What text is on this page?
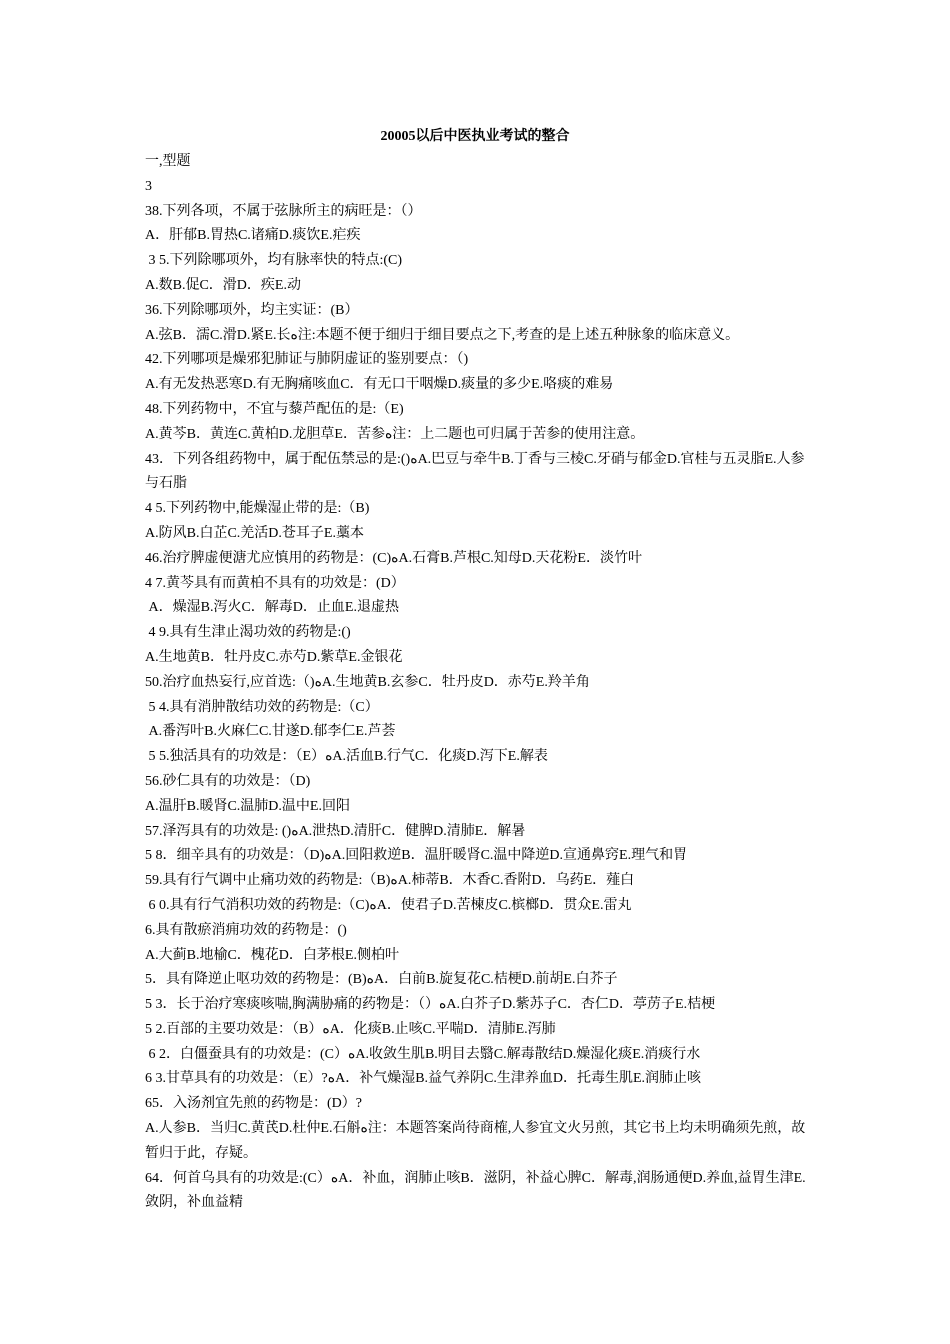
20005以后中医执业考试的整合

一,型题

3

38.下列各项，不属于弦脉所主的病旺是：（）

A．肝郁B.胃热C.诸痛D.痰饮E.疟疾

3 5.下列除哪项外，均有脉率快的特点:(C)

A.数B.促C．滑D．疾E.动

36.下列除哪项外，均主实证：(B）

A.弦B．濡C.滑D.紧E.长ﻩ注:本题不便于细归于细目要点之下,考查的是上述五种脉象的临床意义。

42.下列哪项是燥邪犯肺证与肺阴虚证的鉴别要点：（)

A.有无发热恶寒D.有无胸痛咳血C．有无口干咽燥D.痰量的多少E.咯痰的难易

48.下列药物中，不宜与藜芦配伍的是:（E)

A.黄芩B．黄连C.黄柏D.龙胆草E．苦参ﻩ注：上二题也可归属于苦参的使用注意。

43．下列各组药物中，属于配伍禁忌的是:()ﻩA.巴豆与牵牛B.丁香与三棱C.牙硝与郁金D.官桂与五灵脂E.人参与石脂

4 5.下列药物中,能燥湿止带的是:（B)

A.防风B.白芷C.羌活D.苍耳子E.藁本

46.治疗脾虚便溏尤应慎用的药物是：(C)ﻩA.石膏B.芦根C.知母D.天花粉E．淡竹叶

4 7.黄芩具有而黄柏不具有的功效是：(D）

A．燥湿B.泻火C．解毒D．止血E.退虚热

4 9.具有生津止渴功效的药物是:()

A.生地黄B．牡丹皮C.赤芍D.紫草E.金银花

50.治疗血热妄行,应首选:（)ﻩA.生地黄B.玄参C．牡丹皮D．赤芍E.羚羊角

5 4.具有消肿散结功效的药物是:（C）

A.番泻叶B.火麻仁C.甘遂D.郁李仁E.芦荟

5 5.独活具有的功效是：（E）ﻩA.活血B.行气C．化痰D.泻下E.解表

56.砂仁具有的功效是：（D)

A.温肝B.暖肾C.温肺D.温中E.回阳

57.泽泻具有的功效是: ()ﻩA.泄热D.清肝C．健脾D.清肺E．解暑

5 8．细辛具有的功效是：（D)ﻩA.回阳救逆B．温肝暖肾C.温中降逆D.宣通鼻窍E.理气和胃

59.具有行气调中止痛功效的药物是:（B)ﻩA.柿蒂B．木香C.香附D．乌药E．薤白

6 0.具有行气消积功效的药物是:（C)ﻩA．使君子D.苦楝皮C.槟榔D．贯众E.雷丸

6.具有散瘀消痈功效的药物是：()

A.大蓟B.地榆C．槐花D．白茅根E.侧柏叶

5．具有降逆止呕功效的药物是：(B)ﻩA．白前B.旋复花C.桔梗D.前胡E.白芥子

5 3．长于治疗寒痰咳喘,胸满胁痛的药物是：（）ﻩA.白芥子D.紫苏子C．杏仁D．葶苈子E.桔梗

5 2.百部的主要功效是：（B）ﻩA．化痰B.止咳C.平喘D．清肺E.泻肺

6 2．白僵蚕具有的功效是：(C）ﻩA.收敛生肌B.明目去翳C.解毒散结D.燥湿化痰E.消痰行水

6 3.甘草具有的功效是：（E）?ﻩA．补气燥湿B.益气养阴C.生津养血D．托毒生肌E.润肺止咳

65．入汤剂宜先煎的药物是：(D）?

A.人参B．当归C.黄芪D.杜仲E.石斛ﻩ注：本题答案尚待商榷,人参宜文火另煎，其它书上均未明确须先煎，故暂归于此，存疑。

64．何首乌具有的功效是:(C）ﻩA．补血，润肺止咳B．滋阴，补益心脾C．解毒,润肠通便D.养血,益胃生津E.敛阴，补血益精
